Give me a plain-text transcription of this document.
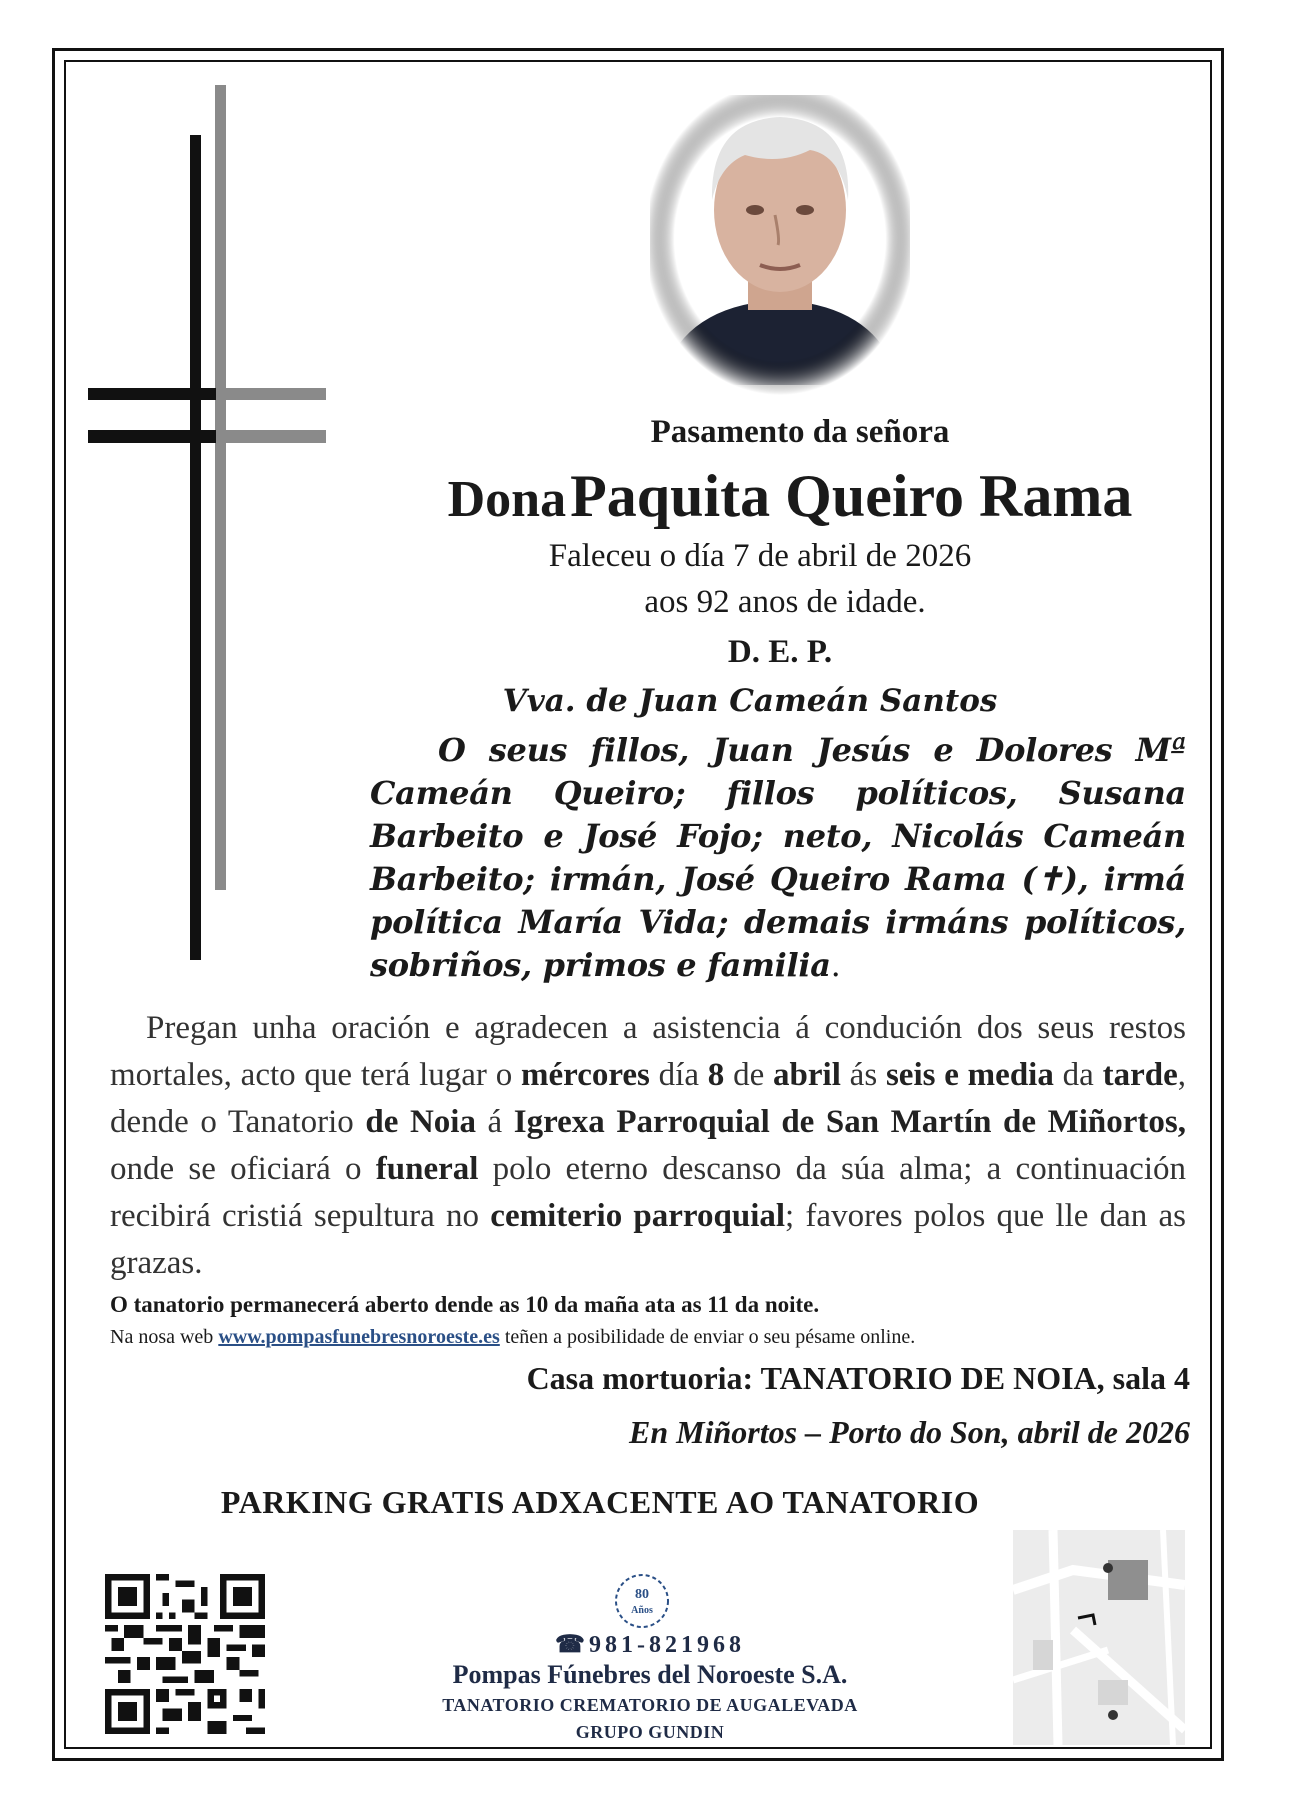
Pasamento da señora
Dona Paquita Queiro Rama
Faleceu o día 7 de abril de 2026
aos 92 anos de idade.
D. E. P.
Vva. de Juan Cameán Santos
O seus fillos, Juan Jesús e Dolores Mª Cameán Queiro; fillos políticos, Susana Barbeito e José Fojo; neto, Nicolás Cameán Barbeito; irmán, José Queiro Rama (✝), irmá política María Vida; demais irmáns políticos, sobriños, primos e familia.
Pregan unha oración e agradecen a asistencia á condución dos seus restos mortales, acto que terá lugar o mércores día 8 de abril ás seis e media da tarde, dende o Tanatorio de Noia á Igrexa Parroquial de San Martín de Miñortos, onde se oficiará o funeral polo eterno descanso da súa alma; a continuación recibirá cristiá sepultura no cemiterio parroquial; favores polos que lle dan as grazas.
O tanatorio permanecerá aberto dende as 10 da maña ata as 11 da noite.
Na nosa web www.pompasfunebresnoroeste.es teñen a posibilidade de enviar o seu pésame online.
Casa mortuoria: TANATORIO DE NOIA, sala 4
En Miñortos – Porto do Son, abril de 2026
PARKING GRATIS ADXACENTE AO TANATORIO
80
Años
☎981-821968
Pompas Fúnebres del Noroeste S.A.
TANATORIO CREMATORIO DE AUGALEVADA
GRUPO GUNDIN
